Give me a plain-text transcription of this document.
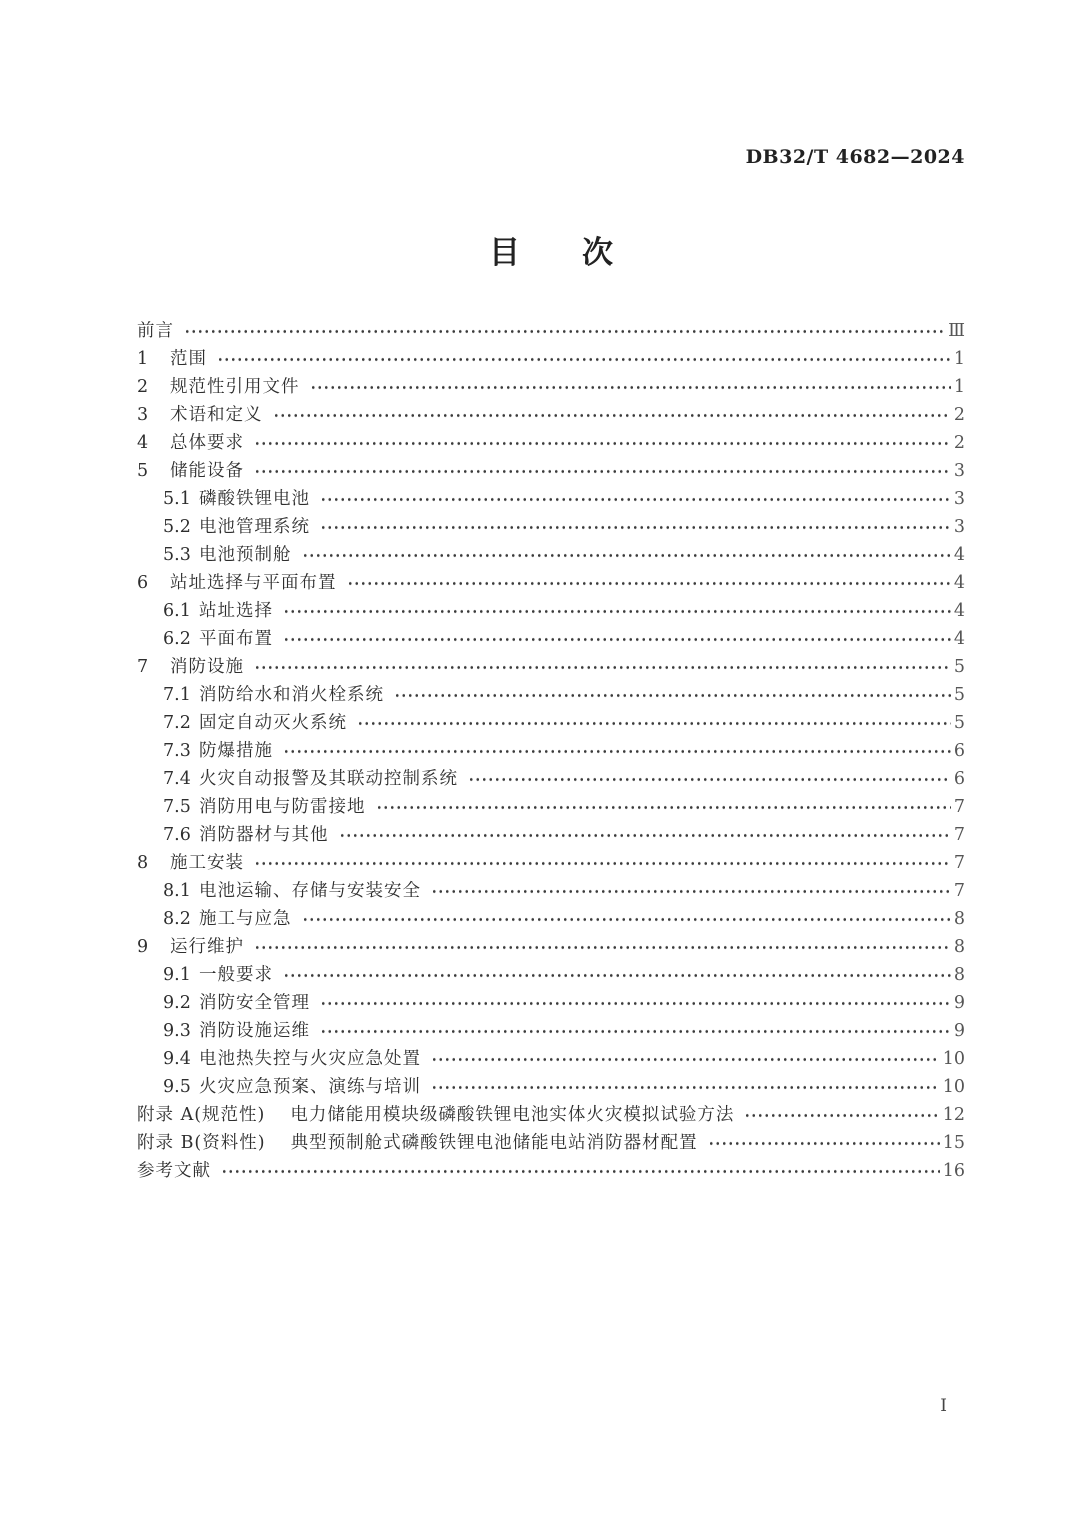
DB32/T 4682—2024
目　　次
前言	Ⅲ
1	范围	1
2	规范性引用文件	1
3	术语和定义	2
4	总体要求	2
5	储能设备	3
5.1 磷酸铁锂电池	3
5.2 电池管理系统	3
5.3 电池预制舱	4
6	站址选择与平面布置	4
6.1 站址选择	4
6.2 平面布置	4
7	消防设施	5
7.1 消防给水和消火栓系统	5
7.2 固定自动灭火系统	5
7.3 防爆措施	6
7.4 火灾自动报警及其联动控制系统	6
7.5 消防用电与防雷接地	7
7.6 消防器材与其他	7
8	施工安装	7
8.1 电池运输、存储与安装安全	7
8.2 施工与应急	8
9	运行维护	8
9.1 一般要求	8
9.2 消防安全管理	9
9.3 消防设施运维	9
9.4 电池热失控与火灾应急处置	10
9.5 火灾应急预案、演练与培训	10
附录 A(规范性)　 电力储能用模块级磷酸铁锂电池实体火灾模拟试验方法	12
附录 B(资料性)　 典型预制舱式磷酸铁锂电池储能电站消防器材配置	15
参考文献	16
I
